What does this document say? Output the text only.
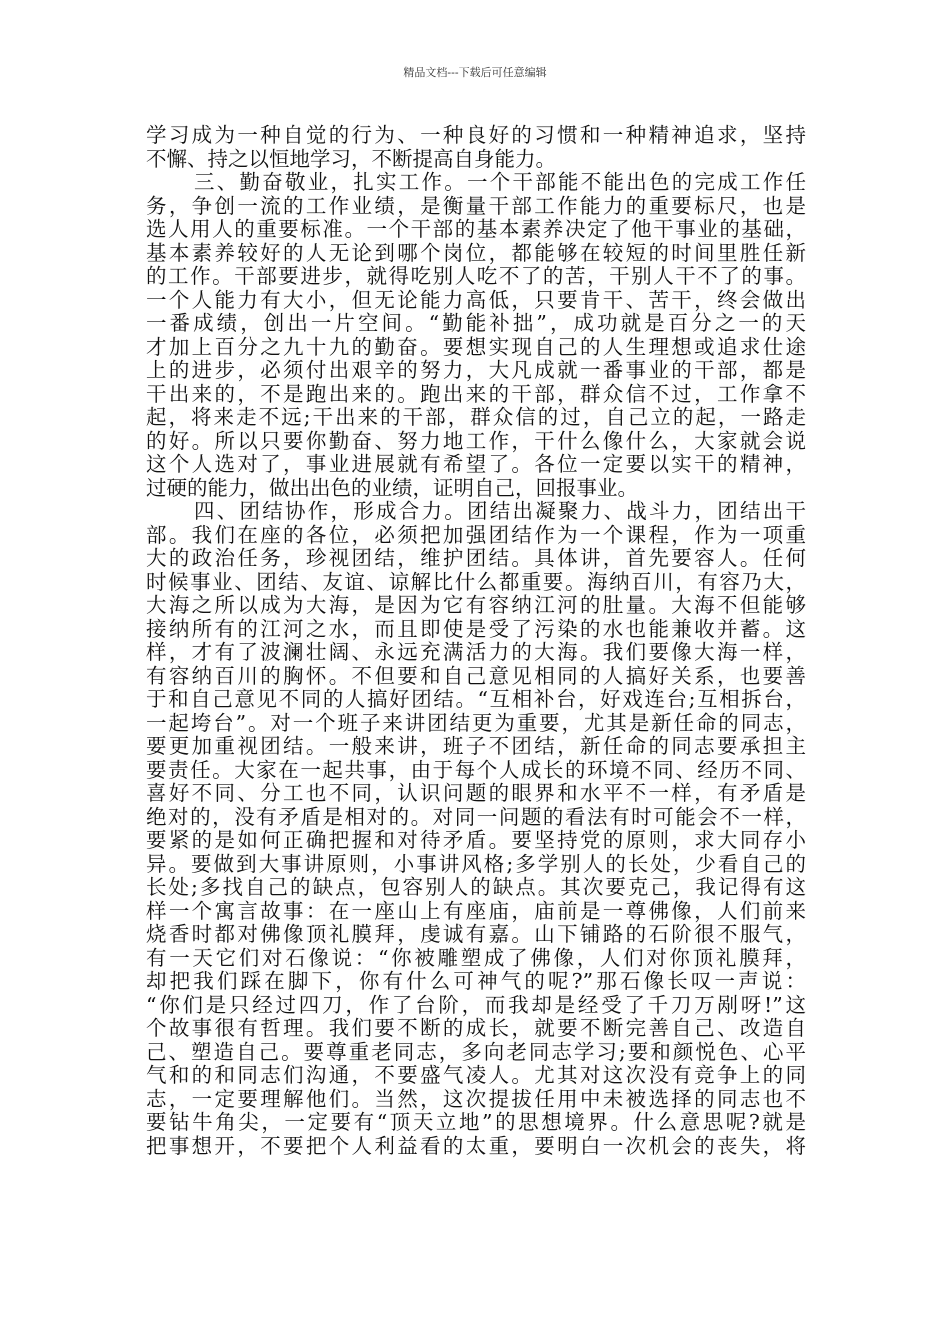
精品文档---下载后可任意编辑
学习成为一种自觉的行为、一种良好的习惯和一种精神追求，坚持
不懈、持之以恒地学习，不断提高自身能力。
三、勤奋敬业，扎实工作。一个干部能不能出色的完成工作任
务，争创一流的工作业绩，是衡量干部工作能力的重要标尺，也是
选人用人的重要标准。一个干部的基本素养决定了他干事业的基础，
基本素养较好的人无论到哪个岗位，都能够在较短的时间里胜任新
的工作。干部要进步，就得吃别人吃不了的苦，干别人干不了的事。
一个人能力有大小，但无论能力高低，只要肯干、苦干，终会做出
一番成绩，创出一片空间。“勤能补拙”，成功就是百分之一的天
才加上百分之九十九的勤奋。要想实现自己的人生理想或追求仕途
上的进步，必须付出艰辛的努力，大凡成就一番事业的干部，都是
干出来的，不是跑出来的。跑出来的干部，群众信不过，工作拿不
起，将来走不远;干出来的干部，群众信的过，自己立的起，一路走
的好。所以只要你勤奋、努力地工作，干什么像什么，大家就会说
这个人选对了，事业进展就有希望了。各位一定要以实干的精神，
过硬的能力，做出出色的业绩，证明自己，回报事业。
四、团结协作，形成合力。团结出凝聚力、战斗力，团结出干
部。我们在座的各位，必须把加强团结作为一个课程，作为一项重
大的政治任务，珍视团结，维护团结。具体讲，首先要容人。任何
时候事业、团结、友谊、谅解比什么都重要。海纳百川，有容乃大，
大海之所以成为大海，是因为它有容纳江河的肚量。大海不但能够
接纳所有的江河之水，而且即使是受了污染的水也能兼收并蓄。这
样，才有了波澜壮阔、永远充满活力的大海。我们要像大海一样，
有容纳百川的胸怀。不但要和自己意见相同的人搞好关系，也要善
于和自己意见不同的人搞好团结。“互相补台，好戏连台;互相拆台，
一起垮台”。对一个班子来讲团结更为重要，尤其是新任命的同志，
要更加重视团结。一般来讲，班子不团结，新任命的同志要承担主
要责任。大家在一起共事，由于每个人成长的环境不同、经历不同、
喜好不同、分工也不同，认识问题的眼界和水平不一样，有矛盾是
绝对的，没有矛盾是相对的。对同一问题的看法有时可能会不一样，
要紧的是如何正确把握和对待矛盾。要坚持党的原则，求大同存小
异。要做到大事讲原则，小事讲风格;多学别人的长处，少看自己的
长处;多找自己的缺点，包容别人的缺点。其次要克己，我记得有这
样一个寓言故事：在一座山上有座庙，庙前是一尊佛像，人们前来
烧香时都对佛像顶礼膜拜，虔诚有嘉。山下铺路的石阶很不服气，
有一天它们对石像说：“你被雕塑成了佛像，人们对你顶礼膜拜，
却把我们踩在脚下，你有什么可神气的呢?”那石像长叹一声说：
“你们是只经过四刀，作了台阶，而我却是经受了千刀万剐呀!”这
个故事很有哲理。我们要不断的成长，就要不断完善自己、改造自
己、塑造自己。要尊重老同志，多向老同志学习;要和颜悦色、心平
气和的和同志们沟通，不要盛气凌人。尤其对这次没有竞争上的同
志，一定要理解他们。当然，这次提拔任用中未被选择的同志也不
要钻牛角尖，一定要有“顶天立地”的思想境界。什么意思呢?就是
把事想开，不要把个人利益看的太重，要明白一次机会的丧失，将
